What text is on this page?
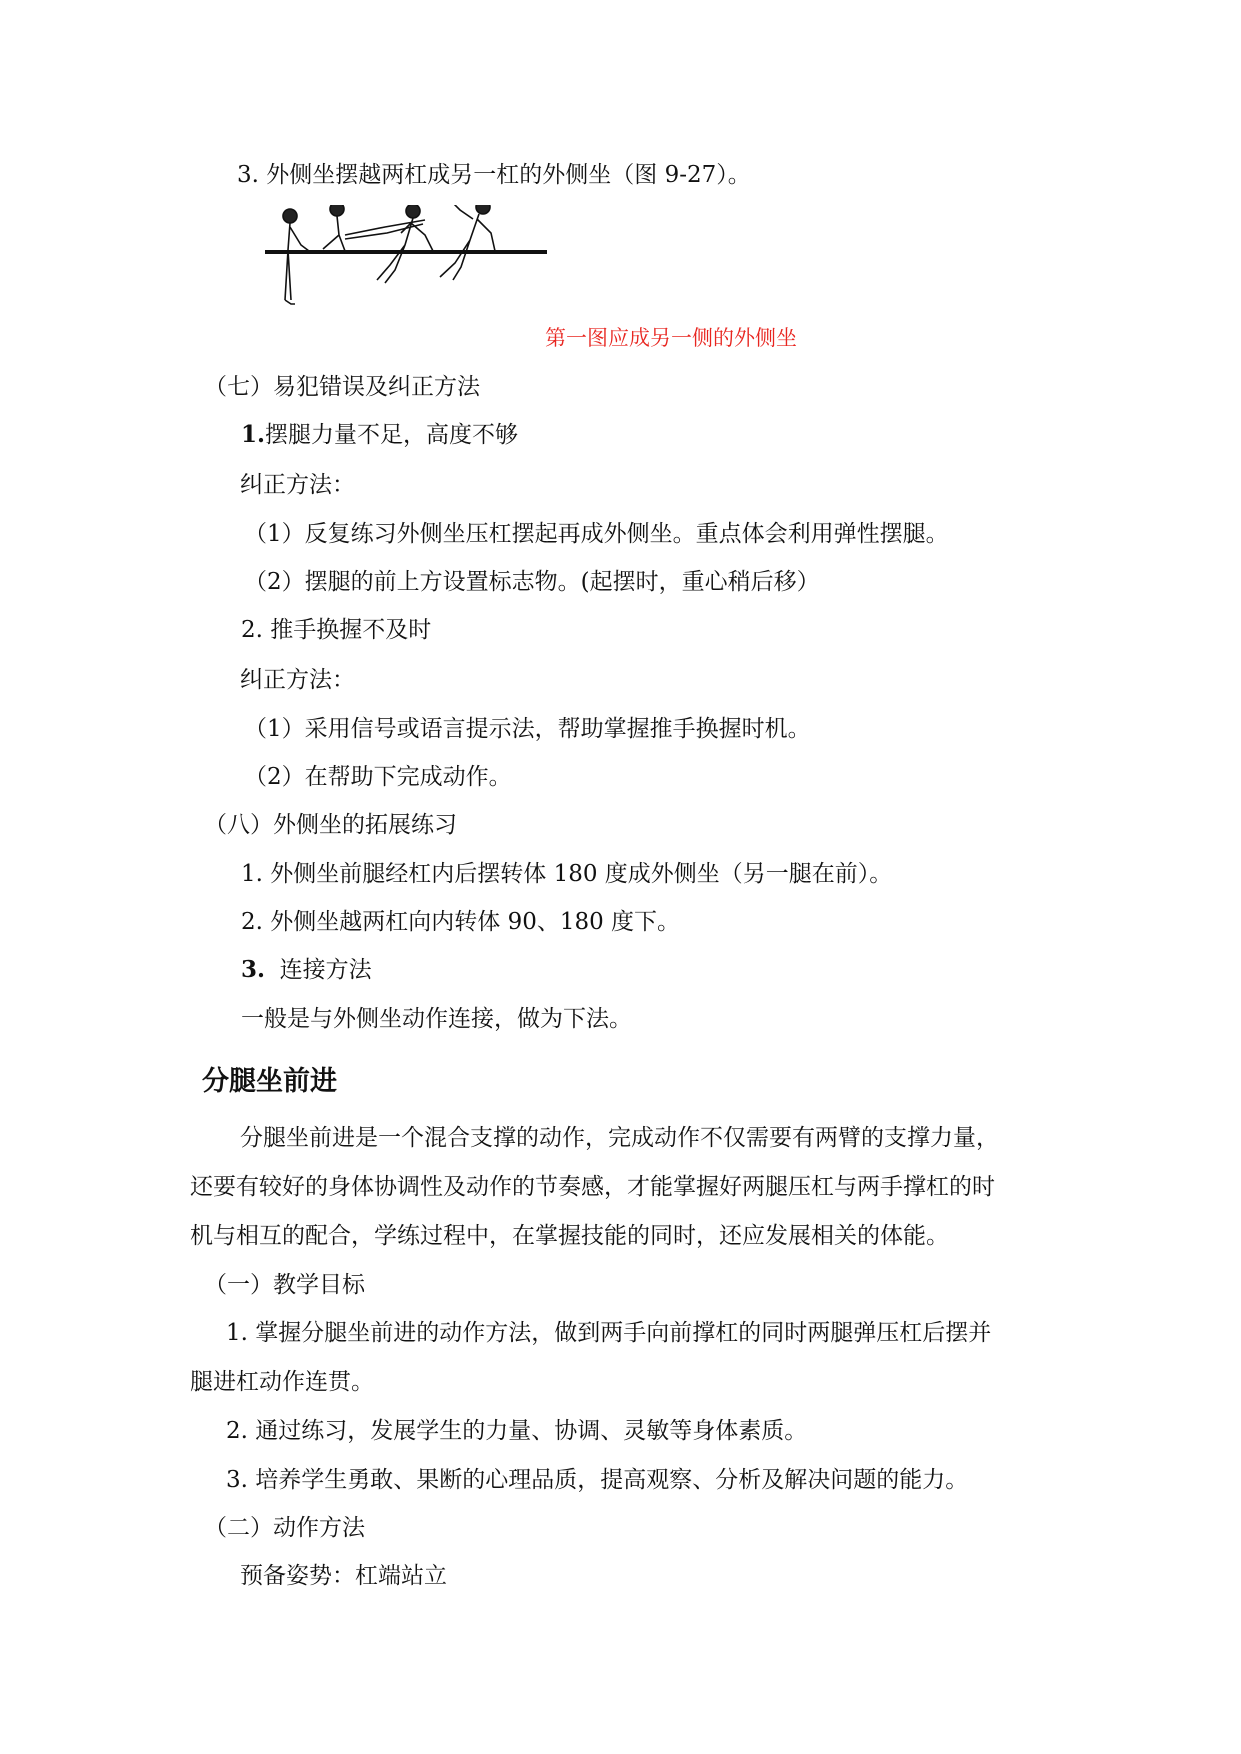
3. 外侧坐摆越两杠成另一杠的外侧坐（图 9-27）。
第一图应成另一侧的外侧坐
（七）易犯错误及纠正方法
1.摆腿力量不足，高度不够
纠正方法：
（1）反复练习外侧坐压杠摆起再成外侧坐。重点体会利用弹性摆腿。
（2）摆腿的前上方设置标志物。(起摆时，重心稍后移）
2. 推手换握不及时
纠正方法：
（1）采用信号或语言提示法，帮助掌握推手换握时机。
（2）在帮助下完成动作。
（八）外侧坐的拓展练习
1. 外侧坐前腿经杠内后摆转体 180 度成外侧坐（另一腿在前）。
2. 外侧坐越两杠向内转体 90、180 度下。
3. 连接方法
一般是与外侧坐动作连接，做为下法。
分腿坐前进
分腿坐前进是一个混合支撑的动作，完成动作不仅需要有两臂的支撑力量，
还要有较好的身体协调性及动作的节奏感，才能掌握好两腿压杠与两手撑杠的时
机与相互的配合，学练过程中，在掌握技能的同时，还应发展相关的体能。
（一）教学目标
1. 掌握分腿坐前进的动作方法，做到两手向前撑杠的同时两腿弹压杠后摆并
腿进杠动作连贯。
2. 通过练习，发展学生的力量、协调、灵敏等身体素质。
3. 培养学生勇敢、果断的心理品质，提高观察、分析及解决问题的能力。
（二）动作方法
预备姿势：杠端站立
